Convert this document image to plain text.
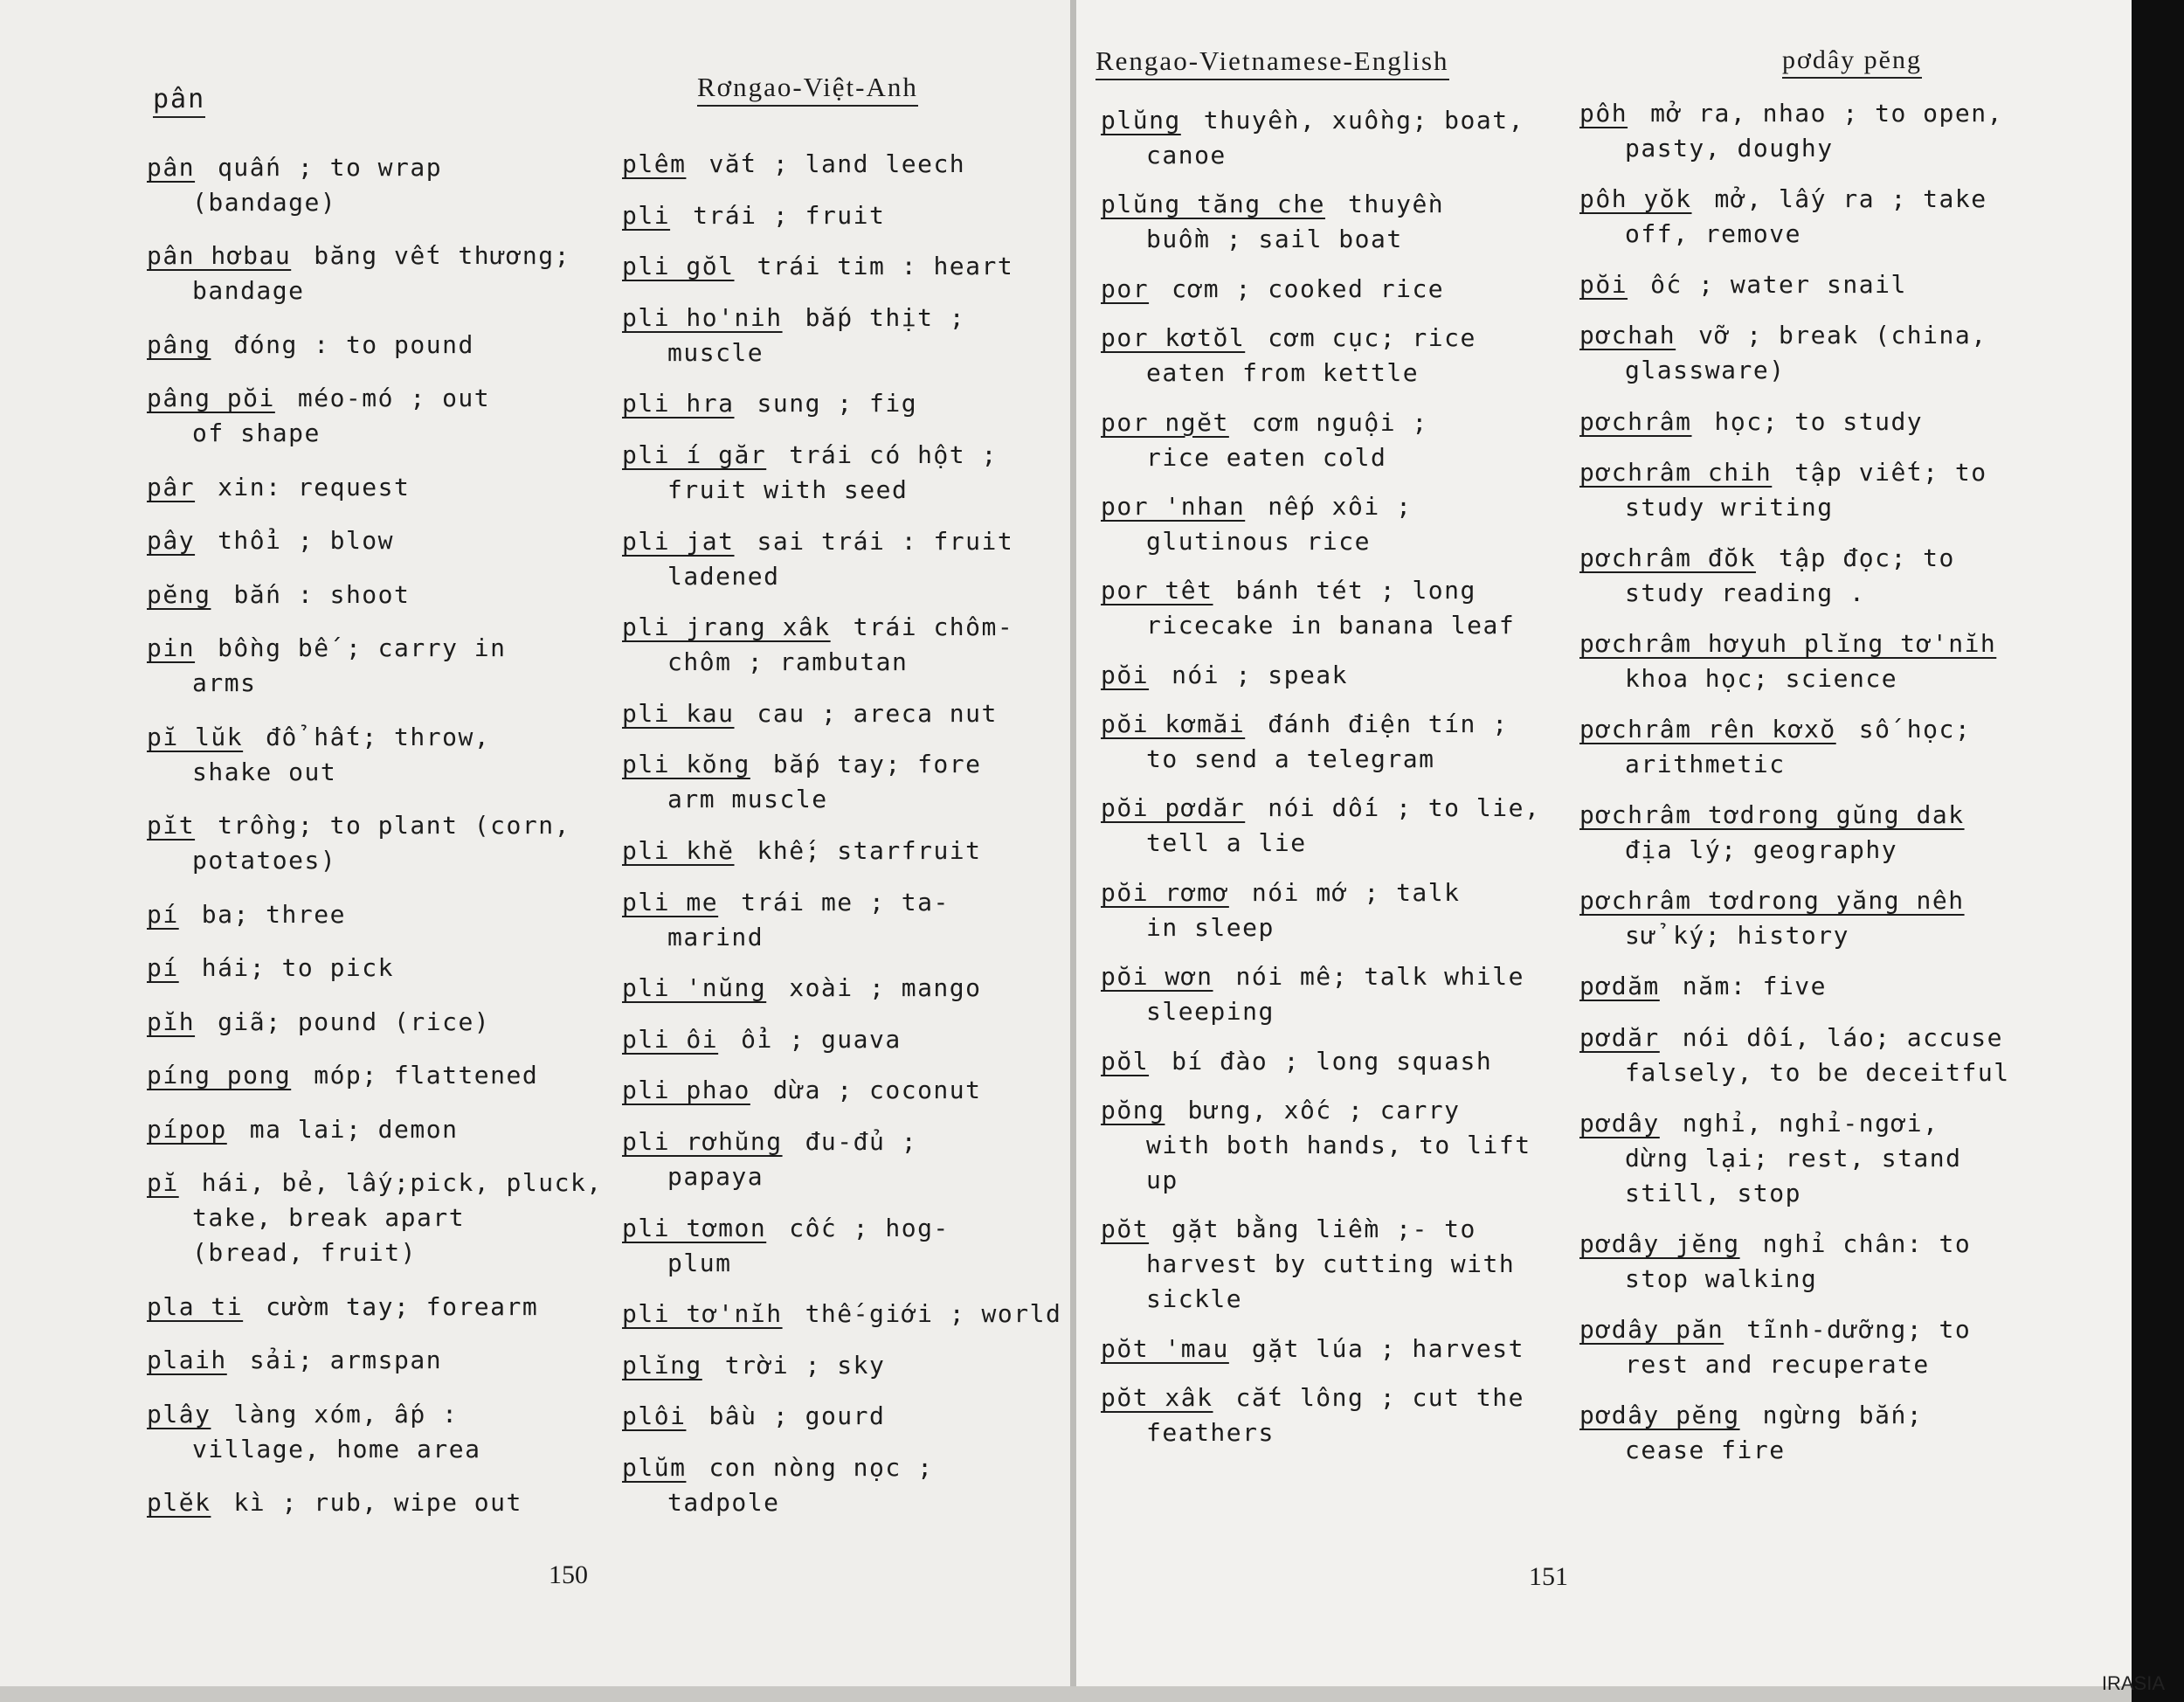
pân	Rơngao-Việt-Anh
pân quấn ; to wrap
(bandage)
pân hơbau băng vết thương;
bandage
pâng đóng : to pound
pâng pŏi méo-mó ; out
of shape
pâr xin: request
pây thổi ; blow
pĕng bắn : shoot
pin bồng bế ; carry in
arms
pĭ lŭk đổ hất; throw,
shake out
pĭt trồng; to plant (corn,
potatoes)
pí ba; three
pí hái; to pick
pĭh giã; pound (rice)
píng pong móp; flattened
pípop ma lai; demon
pĭ hái, bẻ, lấy;pick, pluck,
take, break apart
(bread, fruit)
pla ti cườm tay; forearm
plaih sải; armspan
plây làng xóm, ấp :
village, home area
plĕk kì ; rub, wipe out
plêm vắt ; land leech
pli trái ; fruit
pli gŏl trái tim : heart
pli ho'nih bắp thịt ;
muscle
pli hra sung ; fig
pli í găr trái có hột ;
fruit with seed
pli jat sai trái : fruit
ladened
pli jrang xâk trái chôm-
chôm ; rambutan
pli kau cau ; areca nut
pli kŏng bắp tay; fore
arm muscle
pli khĕ khế; starfruit
pli me trái me ; ta-
marind
pli 'nŭng xoài ; mango
pli ôi ổi ; guava
pli phao dừa ; coconut
pli rơhŭng đu-đủ ;
papaya
pli tơmon cốc ; hog-
plum
pli tơ'nĭh thế-giới ; world
plĭng trời ; sky
plôi bầu ; gourd
plŭm con nòng nọc ;
tadpole
150
Rengao-Vietnamese-English	pơdây pĕng
plŭng thuyền, xuồng; boat,
canoe
plŭng tăng che thuyền
buồm ; sail boat
por cơm ; cooked rice
por kơtŏl cơm cục; rice
eaten from kettle
por ngĕt cơm nguội ;
rice eaten cold
por 'nhan nếp xôi ;
glutinous rice
por têt bánh tét ; long
ricecake in banana leaf
pŏi nói ; speak
pŏi kơmăi đánh điện tín ;
to send a telegram
pŏi pơdăr nói dối ; to lie,
tell a lie
pŏi rơmơ nói mớ ; talk
in sleep
pŏi wơn nói mê; talk while
sleeping
pŏl bí đào ; long squash
pŏng bưng, xốc ; carry
with both hands, to lift
up
pŏt gặt bằng liềm ;- to
harvest by cutting with
sickle
pŏt 'mau gặt lúa ; harvest
pŏt xâk cắt lông ; cut the
feathers
pôh mở ra, nhao ; to open,
pasty, doughy
pôh yŏk mở, lấy ra ; take
off, remove
pŏi ốc ; water snail
pơchah vỡ ; break (china,
glassware)
pơchrâm học; to study
pơchrâm chih tập viết; to
study writing
pơchrâm đŏk tập đọc; to
study reading .
pơchrâm hơyuh plĭng tơ'nĭh
khoa học; science
pơchrâm rên kơxŏ số học;
arithmetic
pơchrâm tơdrong gŭng dak
địa lý; geography
pơchrâm tơdrong yăng nêh
sử ký; history
pơdăm năm: five
pơdăr nói dối, láo; accuse
falsely, to be deceitful
pơdây nghỉ, nghỉ-ngơi,
dừng lại; rest, stand
still, stop
pơdây jĕng nghỉ chân: to
stop walking
pơdây păn tĩnh-dưỡng; to
rest and recuperate
pơdây pĕng ngừng bắn;
cease fire
151
IRASIA
